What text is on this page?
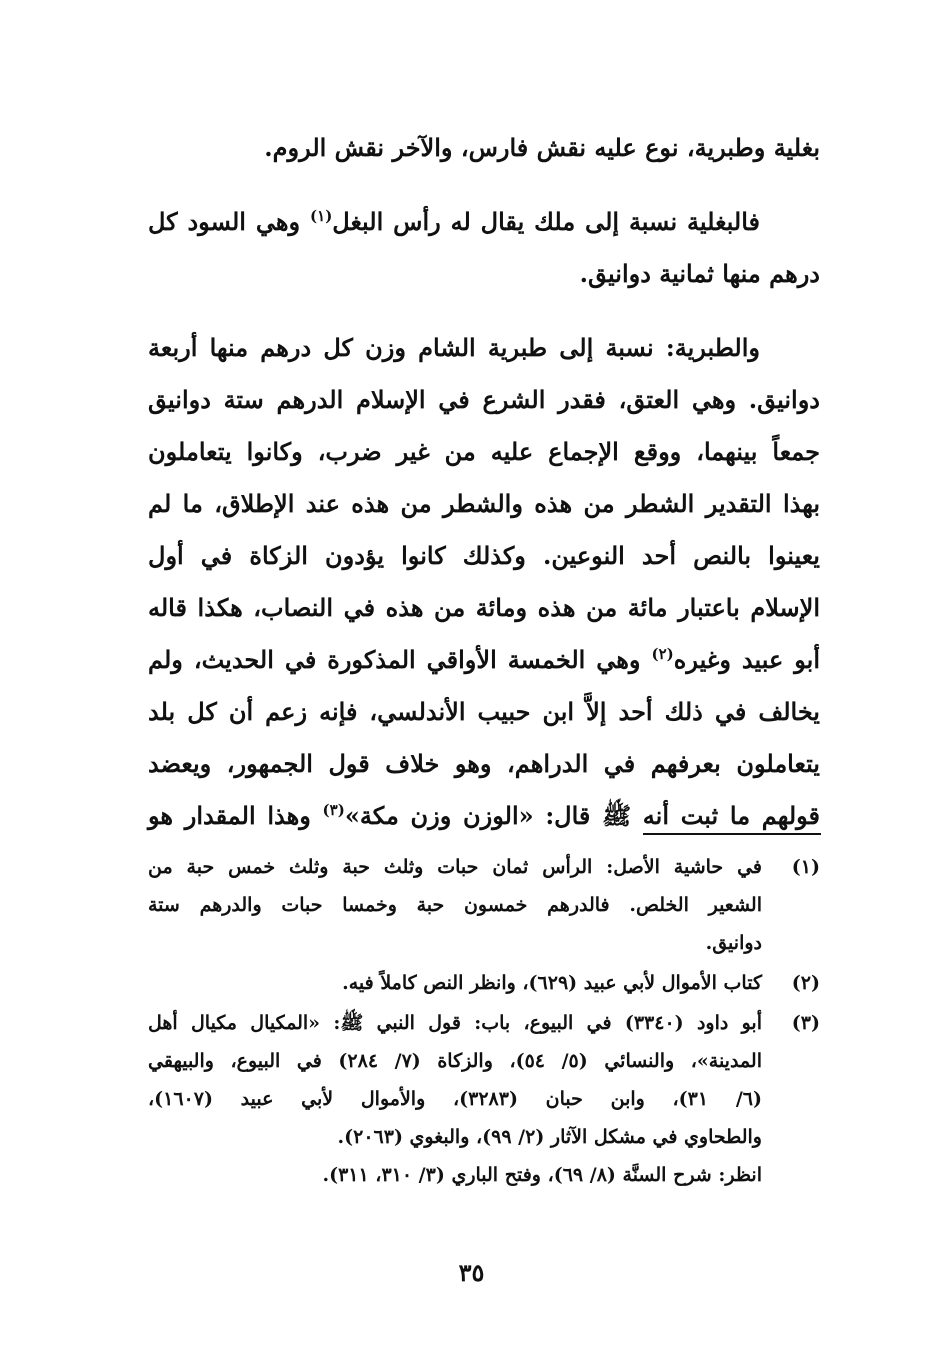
بغلية وطبرية، نوع عليه نقش فارس، والآخر نقش الروم.
فالبغلية نسبة إلى ملك يقال له رأس البغل$^{(١)}$ وهي السود كل
درهم منها ثمانية دوانيق.
والطبرية: نسبة إلى طبرية الشام وزن كل درهم منها أربعة
دوانيق. وهي العتق، فقدر الشرع في الإسلام الدرهم ستة دوانيق
جمعاً بينهما، ووقع الإجماع عليه من غير ضرب، وكانوا يتعاملون
بهذا التقدير الشطر من هذه والشطر من هذه عند الإطلاق، ما لم
يعينوا بالنص أحد النوعين. وكذلك كانوا يؤدون الزكاة في أول
الإسلام باعتبار مائة من هذه ومائة من هذه في النصاب، هكذا قاله
أبو عبيد وغيره$^{(٢)}$ وهي الخمسة الأواقي المذكورة في الحديث، ولم
يخالف في ذلك أحد إلاَّ ابن حبيب الأندلسي، فإنه زعم أن كل بلد
يتعاملون بعرفهم في الدراهم، وهو خلاف قول الجمهور، ويعضد
قولهم ما ثبت أنه ﷺ قال: «الوزن وزن مكة»$^{(٣)}$ وهذا المقدار هو
(١)
في حاشية الأصل: الرأس ثمان حبات وثلث حبة وثلث خمس حبة من
الشعير الخلص. فالدرهم خمسون حبة وخمسا حبات والدرهم ستة
دوانيق.
(٢)
كتاب الأموال لأبي عبيد (٦٢٩)، وانظر النص كاملاً فيه.
(٣)
أبو داود (٣٣٤٠) في البيوع، باب: قول النبي ﷺ: «المكيال مكيال أهل
المدينة»، والنسائي (٥/ ٥٤)، والزكاة (٧/ ٢٨٤) في البيوع، والبيهقي
(٦/ ٣١)، وابن حبان (٣٢٨٣)، والأموال لأبي عبيد (١٦٠٧)،
والطحاوي في مشكل الآثار (٢/ ٩٩)، والبغوي (٢٠٦٣).
انظر: شرح السنَّة (٨/ ٦٩)، وفتح الباري (٣/ ٣١٠، ٣١١).
٣٥
